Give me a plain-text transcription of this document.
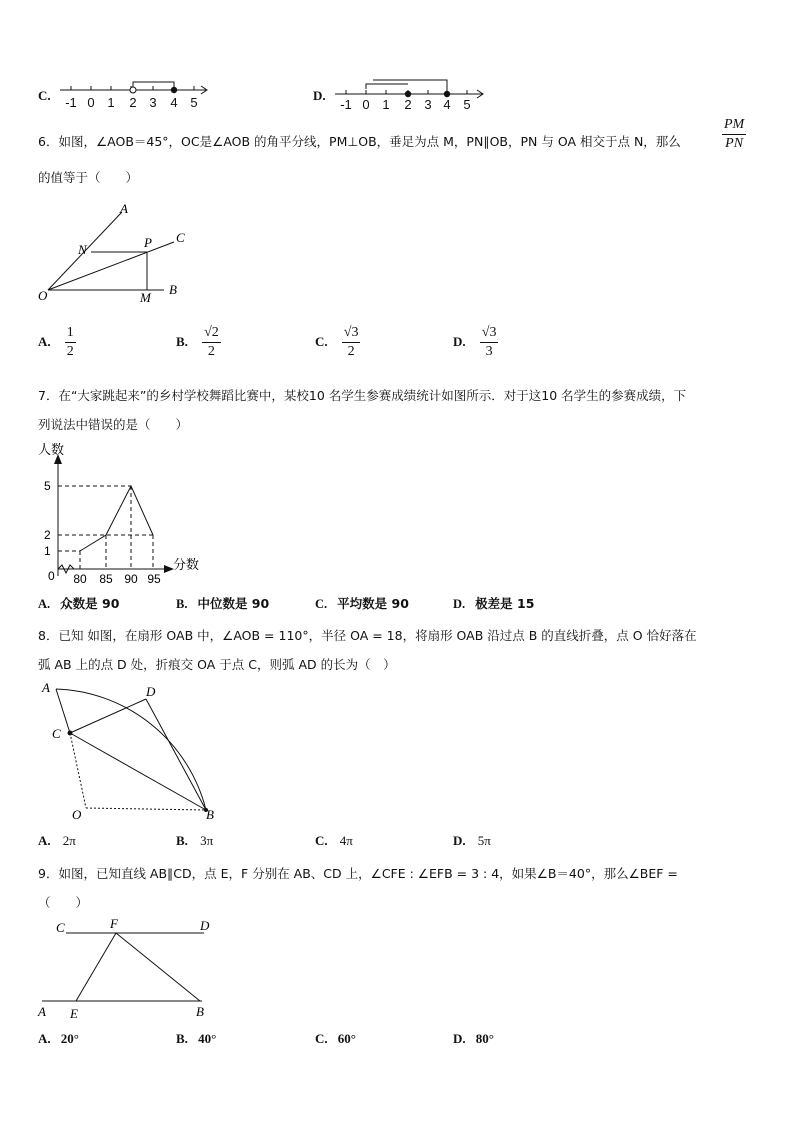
C. -1 0 1 2 3 4 5	D.
-1 0 1 2 3 4 5
6．如图，∠AOB＝45°，OC是∠AOB 的角平分线，PM⊥OB，垂足为点 M，PN∥OB，PN 与 OA 相交于点 N，那么	$\frac{PM}{PN}$
的值等于（　　）
A
C
N	P
O	M
B
A. $\frac{1}{2}$	B. $\frac{√2}{2}$	C. $\frac{√3}{2}$	D. $\frac{√3}{3}$
7．在“大家跳起来”的乡村学校舞蹈比赛中，某校10 名学生参赛成绩统计如图所示．对于这10 名学生的参赛成绩，下
列说法中错误的是（　　）
人数
分数
0
1
2
5
80 85 90 95
A. 众数是 90	B. 中位数是 90	C. 平均数是 90	D. 极差是 15
8．已知 如图，在扇形 OAB 中，∠AOB = 110°，半径 OA = 18，将扇形 OAB 沿过点 B 的直线折叠，点 O 恰好落在
弧 AB 上的点 D 处，折痕交 OA 于点 C，则弧 AD 的长为（　）
A	D
C
O	B
A. 2π	B. 3π	C. 4π	D. 5π
9．如图，已知直线 AB∥CD，点 E，F 分别在 AB、CD 上，∠CFE : ∠EFB = 3 : 4，如果∠B＝40°，那么∠BEF =
（　　）
C	F	D
A E	B
A. 20°	B. 40°	C. 60°	D. 80°
